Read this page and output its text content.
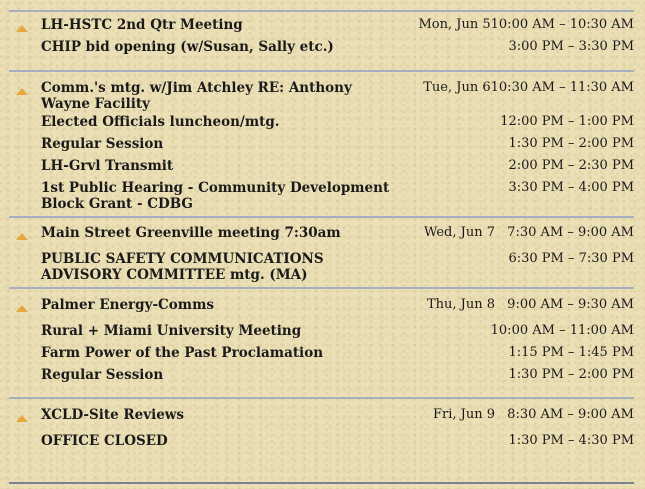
LH-HSTC 2nd Qtr Meeting	Mon, Jun 5 10:00 AM – 10:30 AM
CHIP bid opening (w/Susan, Sally etc.)	3:00 PM – 3:30 PM
Comm.'s mtg. w/Jim Atchley RE: Anthony Wayne Facility
Tue, Jun 6 10:30 AM – 11:30 AM
Elected Officials luncheon/mtg.	12:00 PM – 1:00 PM
Regular Session	1:30 PM – 2:00 PM
LH-Grvl Transmit	2:00 PM – 2:30 PM
1st Public Hearing - Community Development Block Grant - CDBG
3:30 PM – 4:00 PM
Main Street Greenville meeting 7:30am	Wed, Jun 7 7:30 AM – 9:00 AM
PUBLIC SAFETY COMMUNICATIONS ADVISORY COMMITTEE mtg. (MA)
6:30 PM – 7:30 PM
Palmer Energy-Comms	Thu, Jun 8 9:00 AM – 9:30 AM
Rural + Miami University Meeting	10:00 AM – 11:00 AM
Farm Power of the Past Proclamation	1:15 PM – 1:45 PM
Regular Session	1:30 PM – 2:00 PM
XCLD-Site Reviews	Fri, Jun 9 8:30 AM – 9:00 AM
OFFICE CLOSED	1:30 PM – 4:30 PM
